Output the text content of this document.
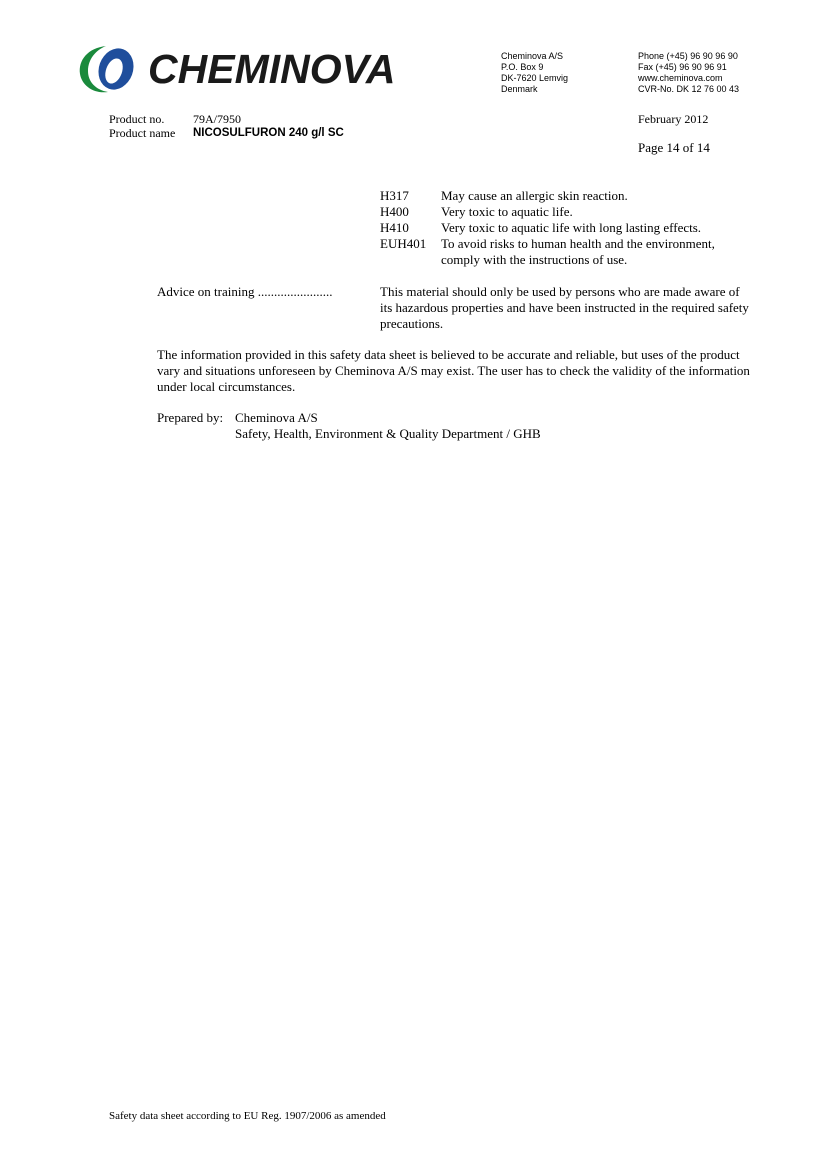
CHEMINOVA	Cheminova A/S
P.O. Box 9
DK-7620 Lemvig
Denmark
Phone (+45) 96 90 96 90
Fax (+45) 96 90 96 91
www.cheminova.com
CVR-No. DK 12 76 00 43
Product no. 79A/7950
Product name NICOSULFURON 240 g/l SC
February 2012
Page 14 of 14
H317	May cause an allergic skin reaction.
H400	Very toxic to aquatic life.
H410	Very toxic to aquatic life with long lasting effects.
EUH401	To avoid risks to human health and the environment, comply with the instructions of use.
Advice on training .......................	This material should only be used by persons who are made aware of its hazardous properties and have been instructed in the required safety precautions.
The information provided in this safety data sheet is believed to be accurate and reliable, but uses of the product vary and situations unforeseen by Cheminova A/S may exist. The user has to check the validity of the information under local circumstances.
Prepared by: Cheminova A/S
Safety, Health, Environment & Quality Department / GHB
Safety data sheet according to EU Reg. 1907/2006 as amended
